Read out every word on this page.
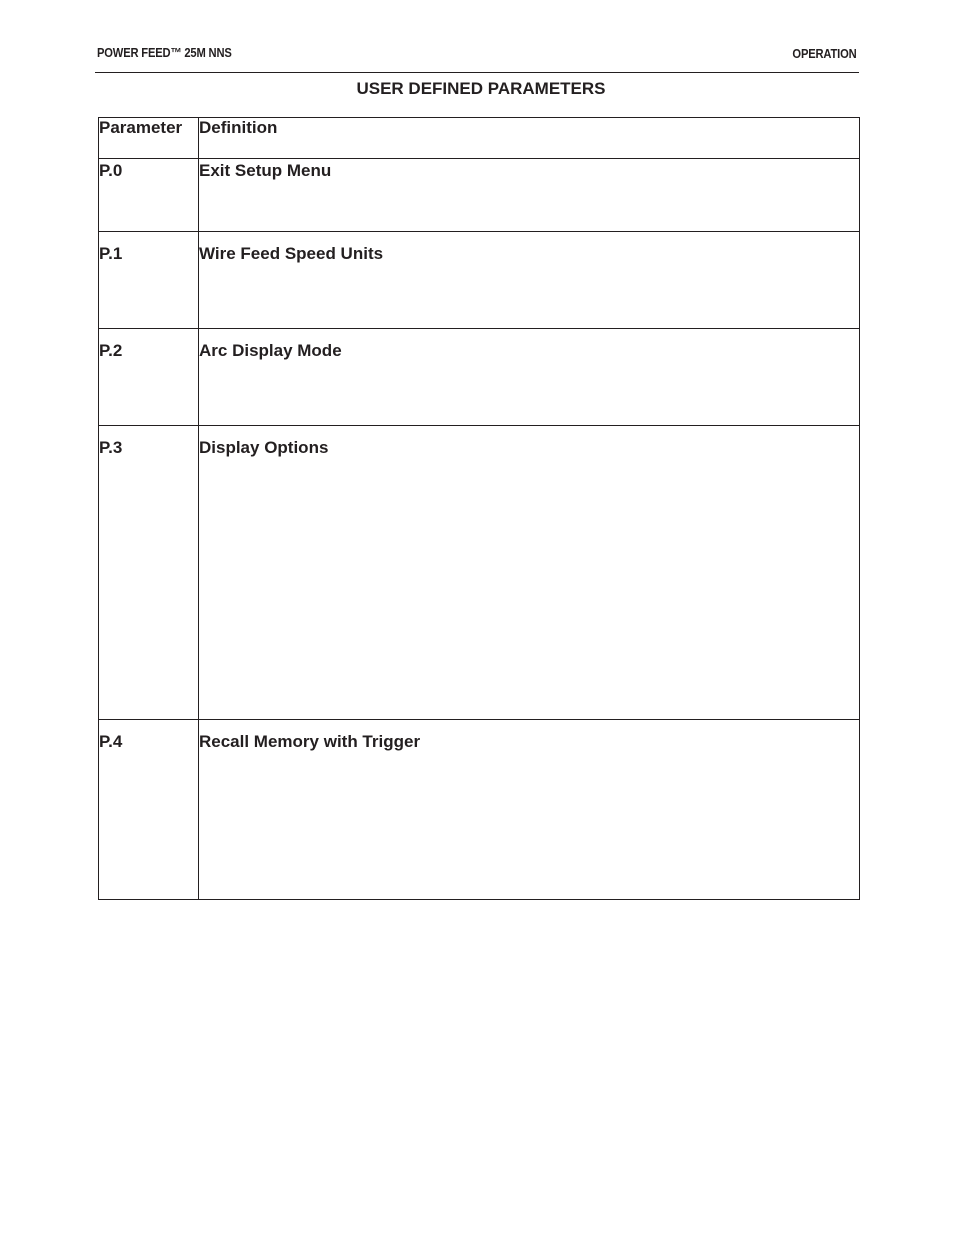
POWER FEED™ 25M NNS	OPERATION
USER DEFINED PARAMETERS
Parameter	Definition

P.0	Exit Setup Menu

P.1	Wire Feed Speed Units

P.2	Arc Display Mode

P.3	Display Options

P.4	Recall Memory with Trigger
